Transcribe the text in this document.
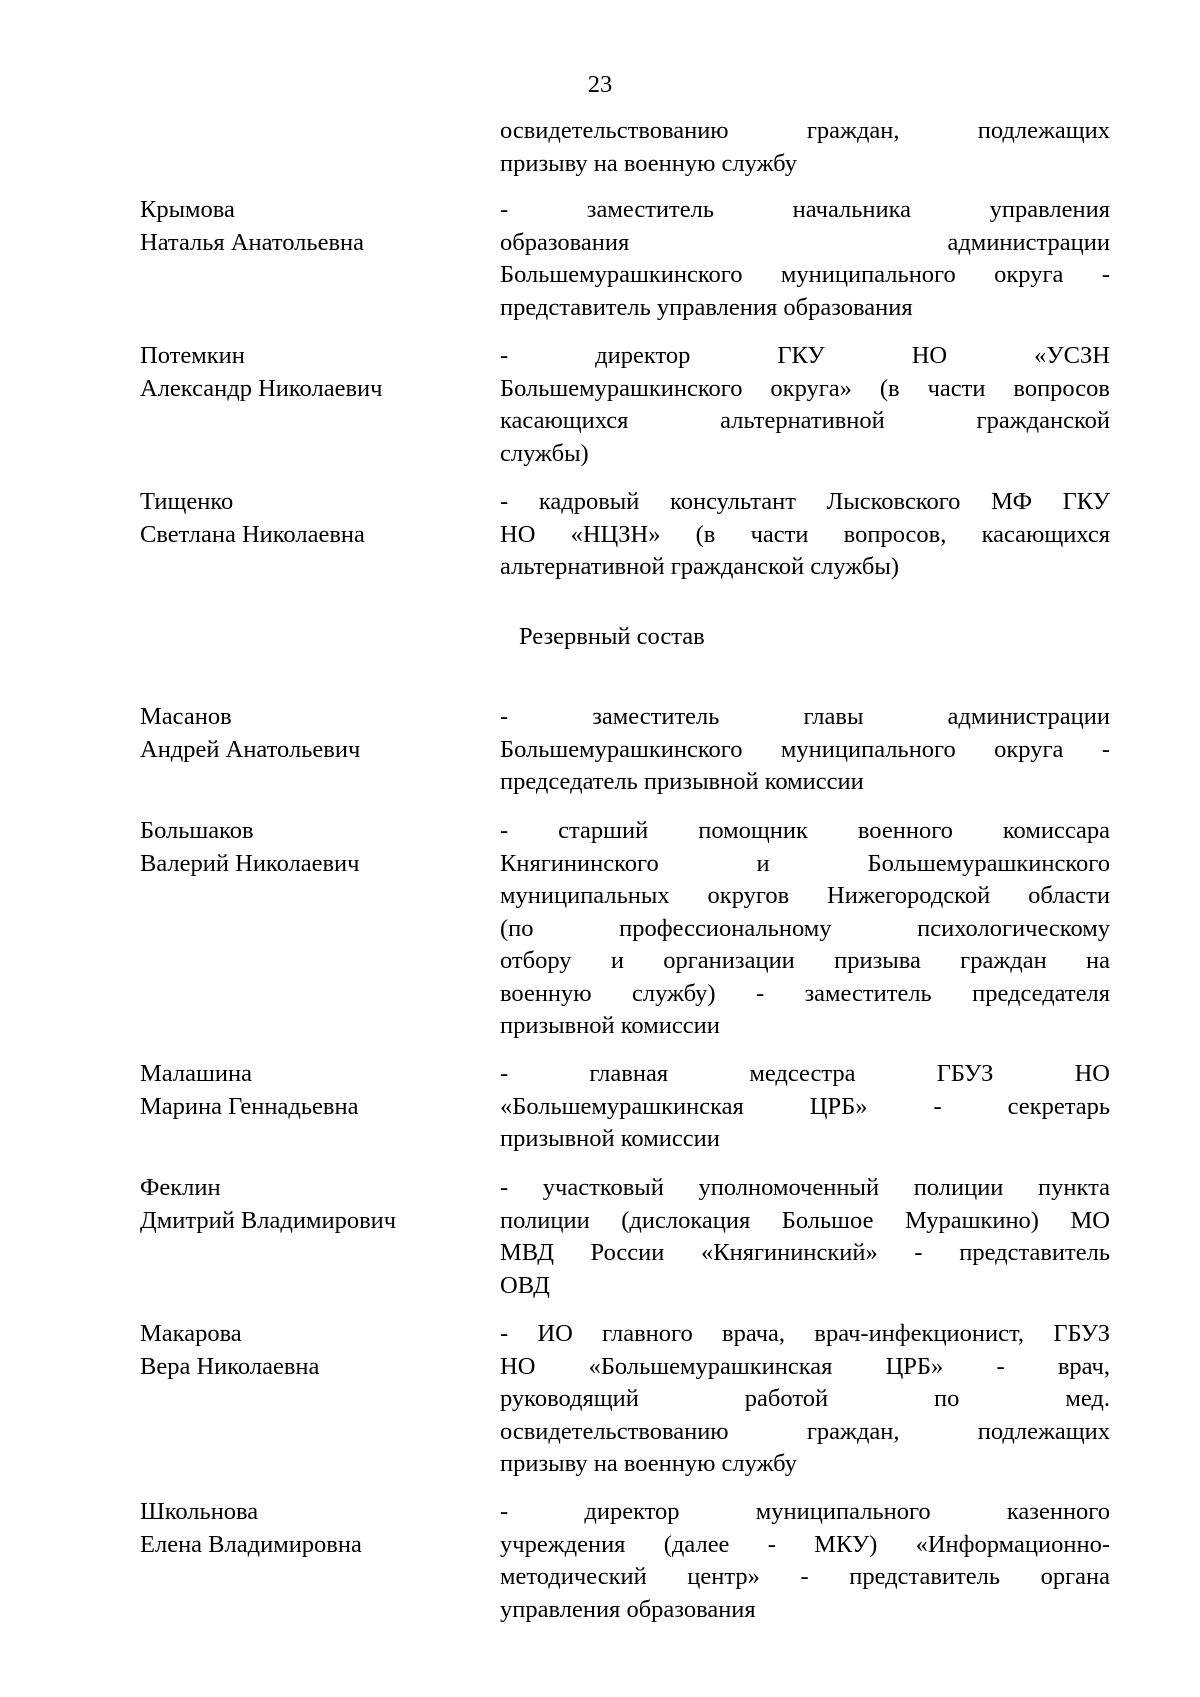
23
освидетельствованию граждан, подлежащих
призыву на военную службу
Крымова
Наталья Анатольевна
- заместитель начальника управления
образования администрации
Большемурашкинского муниципального округа -
представитель управления образования
Потемкин
Александр Николаевич
- директор ГКУ НО «УСЗН
Большемурашкинского округа» (в части вопросов
касающихся альтернативной гражданской
службы)
Тищенко
Светлана Николаевна
- кадровый консультант Лысковского МФ ГКУ
НО «НЦЗН» (в части вопросов, касающихся
альтернативной гражданской службы)
Резервный состав
Масанов
Андрей Анатольевич
- заместитель главы администрации
Большемурашкинского муниципального округа -
председатель призывной комиссии
Большаков
Валерий Николаевич
- старший помощник военного комиссара
Княгининского и Большемурашкинского
муниципальных округов Нижегородской области
(по профессиональному психологическому
отбору и организации призыва граждан на
военную службу) - заместитель председателя
призывной комиссии
Малашина
Марина Геннадьевна
- главная медсестра ГБУЗ НО
«Большемурашкинская ЦРБ» - секретарь
призывной комиссии
Феклин
Дмитрий Владимирович
- участковый уполномоченный полиции пункта
полиции (дислокация Большое Мурашкино) МО
МВД России «Княгининский» - представитель
ОВД
Макарова
Вера Николаевна
- ИО главного врача, врач-инфекционист, ГБУЗ
НО «Большемурашкинская ЦРБ» - врач,
руководящий работой по мед.
освидетельствованию граждан, подлежащих
призыву на военную службу
Школьнова
Елена Владимировна
- директор муниципального казенного
учреждения (далее - МКУ) «Информационно-
методический центр» - представитель органа
управления образования
